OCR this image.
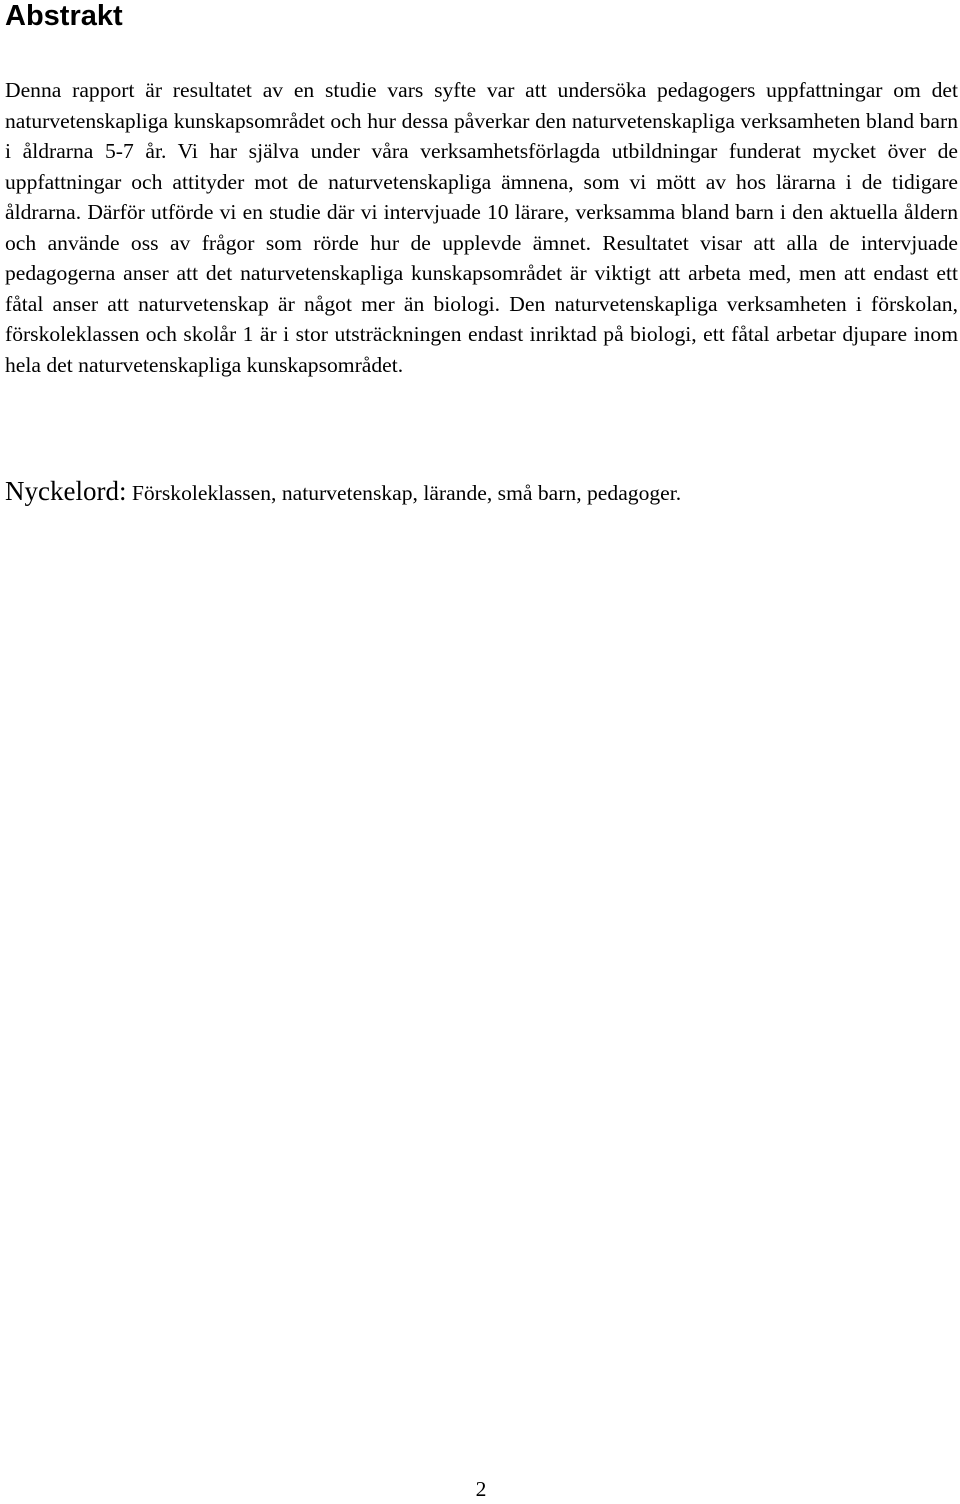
Abstrakt

Denna rapport är resultatet av en studie vars syfte var att undersöka pedagogers uppfattningar om det naturvetenskapliga kunskapsområdet och hur dessa påverkar den naturvetenskapliga verksamheten bland barn i åldrarna 5-7 år. Vi har själva under våra verksamhetsförlagda utbildningar funderat mycket över de uppfattningar och attityder mot de naturvetenskapliga ämnena, som vi mött av hos lärarna i de tidigare åldrarna. Därför utförde vi en studie där vi intervjuade 10 lärare, verksamma bland barn i den aktuella åldern och använde oss av frågor som rörde hur de upplevde ämnet. Resultatet visar att alla de intervjuade pedagogerna anser att det naturvetenskapliga kunskapsområdet är viktigt att arbeta med, men att endast ett fåtal anser att naturvetenskap är något mer än biologi. Den naturvetenskapliga verksamheten i förskolan, förskoleklassen och skolår 1 är i stor utsträckningen endast inriktad på biologi, ett fåtal arbetar djupare inom hela det naturvetenskapliga kunskapsområdet.

Nyckelord: Förskoleklassen, naturvetenskap, lärande, små barn, pedagoger.

2
